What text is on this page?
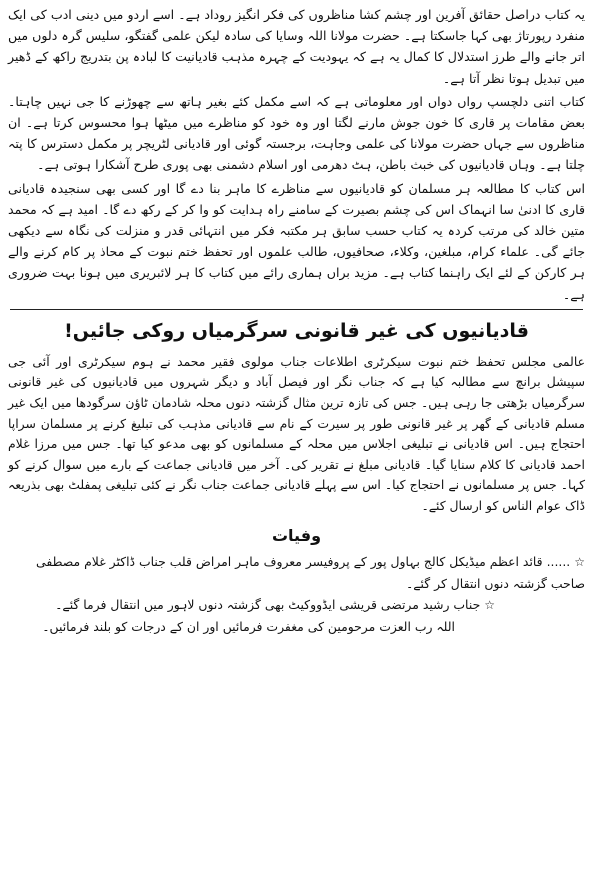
یہ کتاب دراصل حقائق آفرین اور چشم کشا مناظروں کی فکر انگیز روداد ہے۔ اسے اردو میں دینی ادب کی ایک منفرد رپورتاژ بھی کہا جاسکتا ہے۔ حضرت مولانا اللہ وسایا کی سادہ لیکن علمی گفتگو، سلیس گرہ دلوں میں اتر جانے والے طرز استدلال کا کمال یہ ہے کہ یہودیت کے چہرہ مذہب قادیانیت کا لبادہ پن بتدریج راکھ کے ڈھیر میں تبدیل ہوتا نظر آتا ہے۔

کتاب اتنی دلچسپ رواں دواں اور معلوماتی ہے کہ اسے مکمل کئے بغیر ہاتھ سے چھوڑنے کا جی نہیں چاہتا۔ بعض مقامات پر قاری کا خون جوش مارنے لگتا اور وہ خود کو مناظرے میں میٹھا ہوا محسوس کرتا ہے۔ ان مناظروں سے جہاں حضرت مولانا کی علمی وجاہت، برجستہ گوئی اور قادیانی لٹریچر پر مکمل دسترس کا پتہ چلتا ہے۔ وہاں قادیانیوں کی خبث باطن، ہٹ دھرمی اور اسلام دشمنی بھی پوری طرح آشکارا ہوتی ہے۔

اس کتاب کا مطالعہ ہر مسلمان کو قادیانیوں سے مناظرے کا ماہر بنا دے گا اور کسی بھی سنجیدہ قادیانی قاری کا ادنیٰ سا انہماک اس کی چشم بصیرت کے سامنے راہ ہدایت کو وا کر کے رکھ دے گا۔ امید ہے کہ محمد متین خالد کی مرتب کردہ یہ کتاب حسب سابق ہر مکتبہ فکر میں انتہائی قدر و منزلت کی نگاہ سے دیکھی جائے گی۔ علماء کرام، مبلغین، وکلاء، صحافیوں، طالب علموں اور تحفظ ختم نبوت کے محاذ پر کام کرنے والے ہر کارکن کے لئے ایک راہنما کتاب ہے۔ مزید براں ہماری رائے میں کتاب کا ہر لائبریری میں ہونا بہت ضروری ہے۔

قادیانیوں کی غیر قانونی سرگرمیاں روکی جائیں!

عالمی مجلس تحفظ ختم نبوت سیکرٹری اطلاعات جناب مولوی فقیر محمد نے ہوم سیکرٹری اور آئی جی سپیشل برانچ سے مطالبہ کیا ہے کہ جناب نگر اور فیصل آباد و دیگر شہروں میں قادیانیوں کی غیر قانونی سرگرمیاں بڑھتی جا رہی ہیں۔ جس کی تازہ ترین مثال گزشتہ دنوں محلہ شادمان ٹاؤن سرگودھا میں ایک غیر مسلم قادیانی کے گھر پر غیر قانونی طور پر سیرت کے نام سے قادیانی مذہب کی تبلیغ کرنے پر مسلمان سراپا احتجاج ہیں۔ اس قادیانی نے تبلیغی اجلاس میں محلہ کے مسلمانوں کو بھی مدعو کیا تھا۔ جس میں مرزا غلام احمد قادیانی کا کلام سنایا گیا۔ قادیانی مبلغ نے تقریر کی۔ آخر میں قادیانی جماعت کے بارے میں سوال کرنے کو کہا۔ جس پر مسلمانوں نے احتجاج کیا۔ اس سے پہلے قادیانی جماعت جناب نگر نے کئی تبلیغی پمفلٹ بھی بذریعہ ڈاک عوام الناس کو ارسال کئے۔

وفیات

☆......قائد اعظم میڈیکل کالج بہاول پور کے پروفیسر معروف ماہر امراض قلب جناب ڈاکٹر غلام مصطفی صاحب گزشتہ دنوں انتقال کر گئے۔

☆جناب رشید مرتضی قریشی ایڈووکیٹ بھی گزشتہ دنوں لاہور میں انتقال فرما گئے۔

اللہ رب العزت مرحومین کی مغفرت فرمائیں اور ان کے درجات کو بلند فرمائیں۔
